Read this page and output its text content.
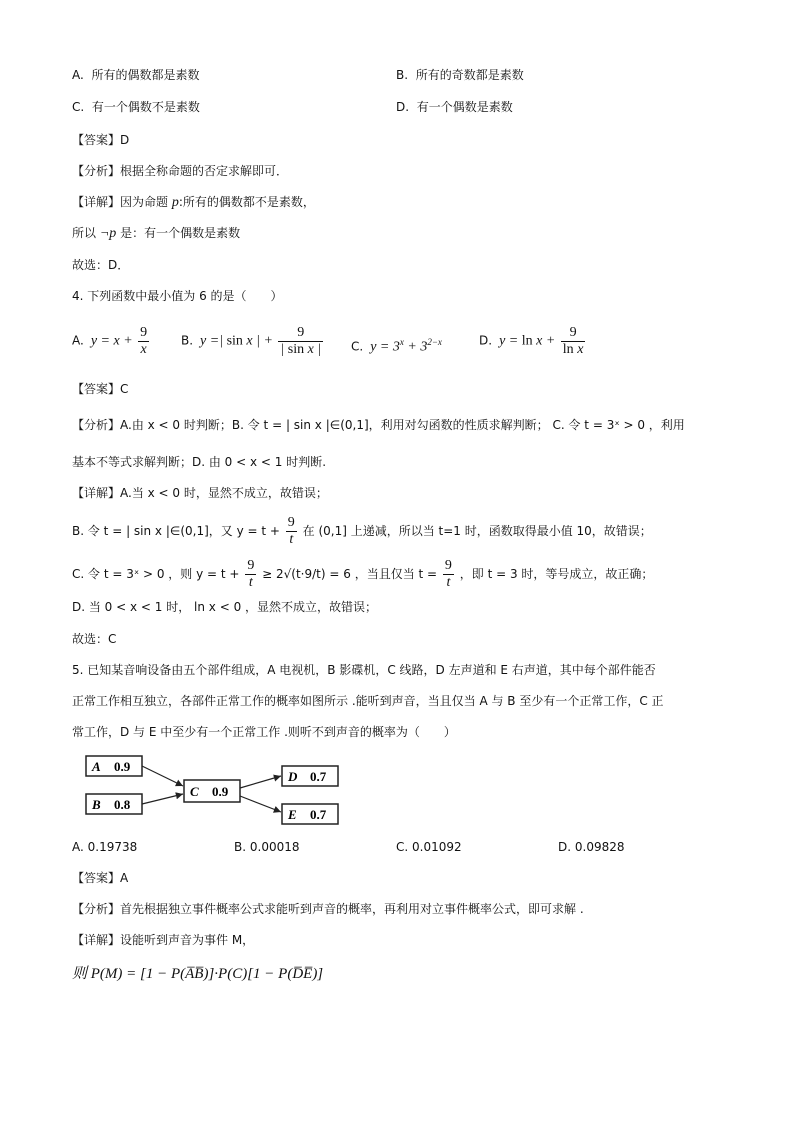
A. 所有的偶数都是素数	B. 所有的奇数都是素数
C. 有一个偶数不是素数	D. 有一个偶数是素数
【答案】D
【分析】根据全称命题的否定求解即可．
【详解】因为命题 p:所有的偶数都不是素数，
所以 ¬p 是：有一个偶数是素数
故选：D．
4. 下列函数中最小值为 6 的是（　　）
A.  $y = x + \frac{9}{x}$	B.  y =| sin x | + $\frac{9}{\text{| sin x |}} C$.  $y = 3^x + 3^{2-x}$	D.  $y = \ln x + \frac{9}{\text{ln x}}$
【答案】C
【分析】A.由 x < 0 时判断；B. 令 t = | sin x |∈(0,1]，利用对勾函数的性质求解判断； C. 令 t = 3ˣ > 0 ，利用
基本不等式求解判断；D. 由 0 < x < 1 时判断.
【详解】A.当 x < 0 时，显然不成立，故错误；
B. 令 t = | sin x |∈(0,1]，又 $y = t + \frac{9}{t}$ 在 (0,1] 上递减，所以当 t=1 时，函数取得最小值 10，故错误；
C. 令 t = 3ˣ > 0 ，则 $y = t + \frac{9}{t} \ge 2√(t\cdot 9/t) = 6$ ，当且仅当 $t = \frac{9}{t}$ ，即 t = 3 时，等号成立，故正确；
D. 当 0 < x < 1 时， ln x < 0 ，显然不成立，故错误；
故选：C
5. 已知某音响设备由五个部件组成，A 电视机，B 影碟机，C 线路，D 左声道和 E 右声道，其中每个部件能否
正常工作相互独立，各部件正常工作的概率如图所示 .能听到声音，当且仅当 A 与 B 至少有一个正常工作，C 正
常工作，D 与 E 中至少有一个正常工作 .则听不到声音的概率为（　　）
A 0.9
B 0.8
C 0.9
D 0.7
E 0.7
A. 0.19738	B. 0.00018	C. 0.01092	D. 0.09828
【答案】A
【分析】首先根据独立事件概率公式求能听到声音的概率，再利用对立事件概率公式，即可求解 .
【详解】设能听到声音为事件 M，
则 P(M) = [1 − P(A̅B̅)]·P(C)[1 − P(D̅E̅)]
